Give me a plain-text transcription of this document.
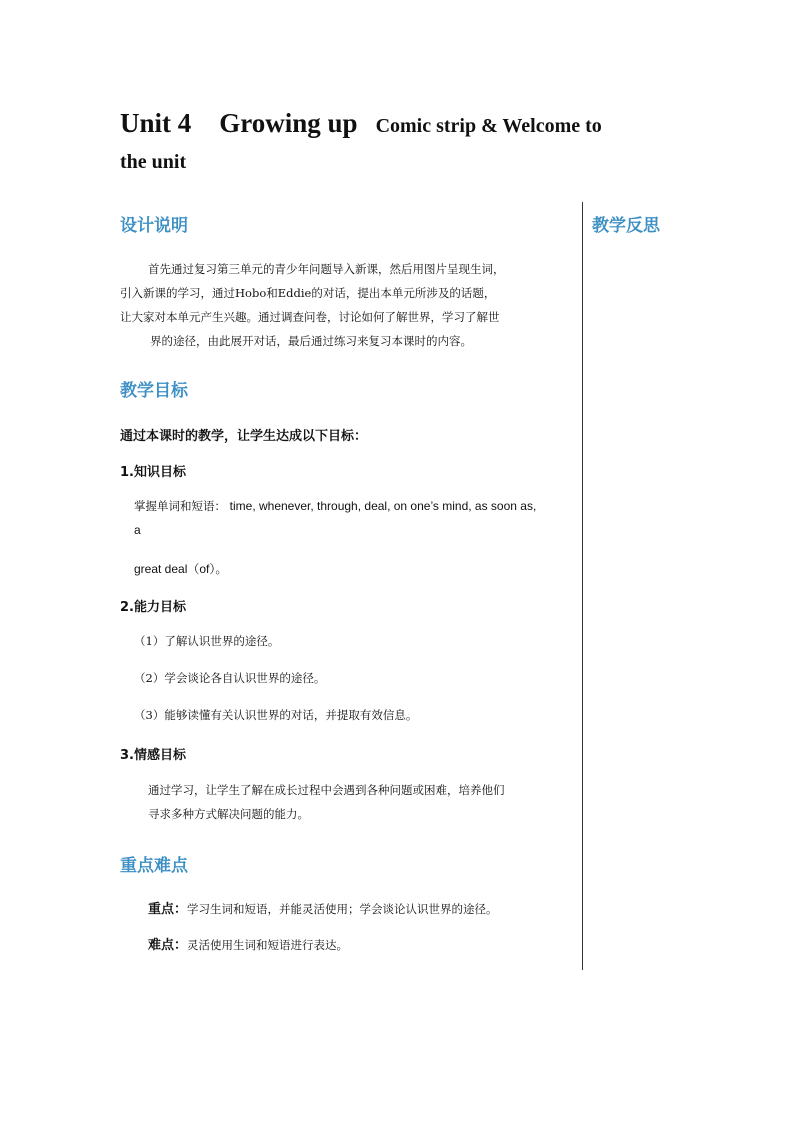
Unit 4 Growing up Comic strip & Welcome to
the unit
教学反思
设计说明

首先通过复习第三单元的青少年问题导入新课，然后用图片呈现生词，

引入新课的学习，通过Hobo和Eddie的对话，提出本单元所涉及的话题，

让大家对本单元产生兴趣。通过调查问卷，讨论如何了解世界，学习了解世

界的途径，由此展开对话，最后通过练习来复习本课时的内容。

教学目标
通过本课时的教学，让学生达成以下目标：
1.知识目标
掌握单词和短语： time, whenever, through, deal, on one’s mind, as soon as,
a
great deal（of）。
2.能力目标
（1）了解认识世界的途径。
（2）学会谈论各自认识世界的途径。
（3）能够读懂有关认识世界的对话，并提取有效信息。
3.情感目标
通过学习，让学生了解在成长过程中会遇到各种问题或困难，培养他们
寻求多种方式解决问题的能力。
重点难点
重点：学习生词和短语，并能灵活使用；学会谈论认识世界的途径。
难点：灵活使用生词和短语进行表达。
